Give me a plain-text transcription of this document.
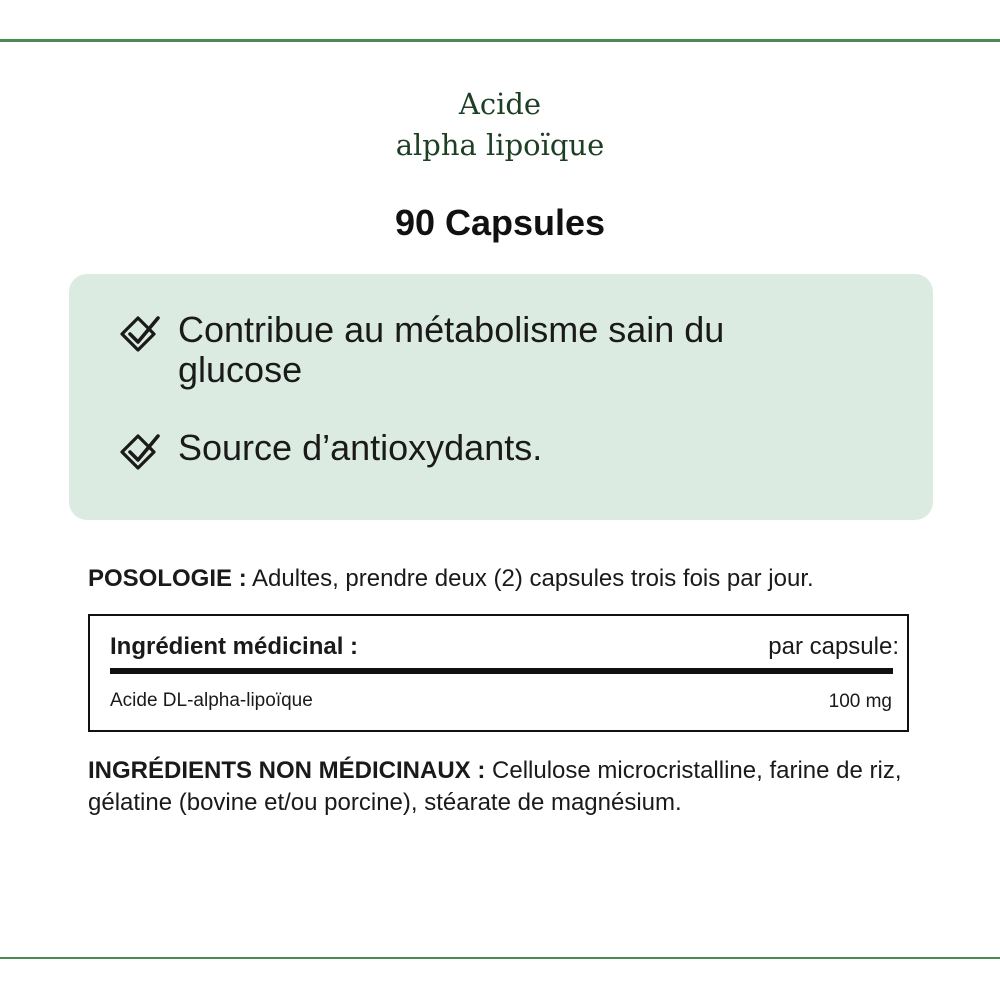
Acide
alpha lipoïque
90 Capsules
Contribue au métabolisme sain du glucose
Source d’antioxydants.
POSOLOGIE : Adultes, prendre deux (2) capsules trois fois par jour.
Ingrédient médicinal :	par capsule:
Acide DL-alpha-lipoïque	100 mg
INGRÉDIENTS NON MÉDICINAUX : Cellulose microcristalline, farine de riz, gélatine (bovine et/ou porcine), stéarate de magnésium.
